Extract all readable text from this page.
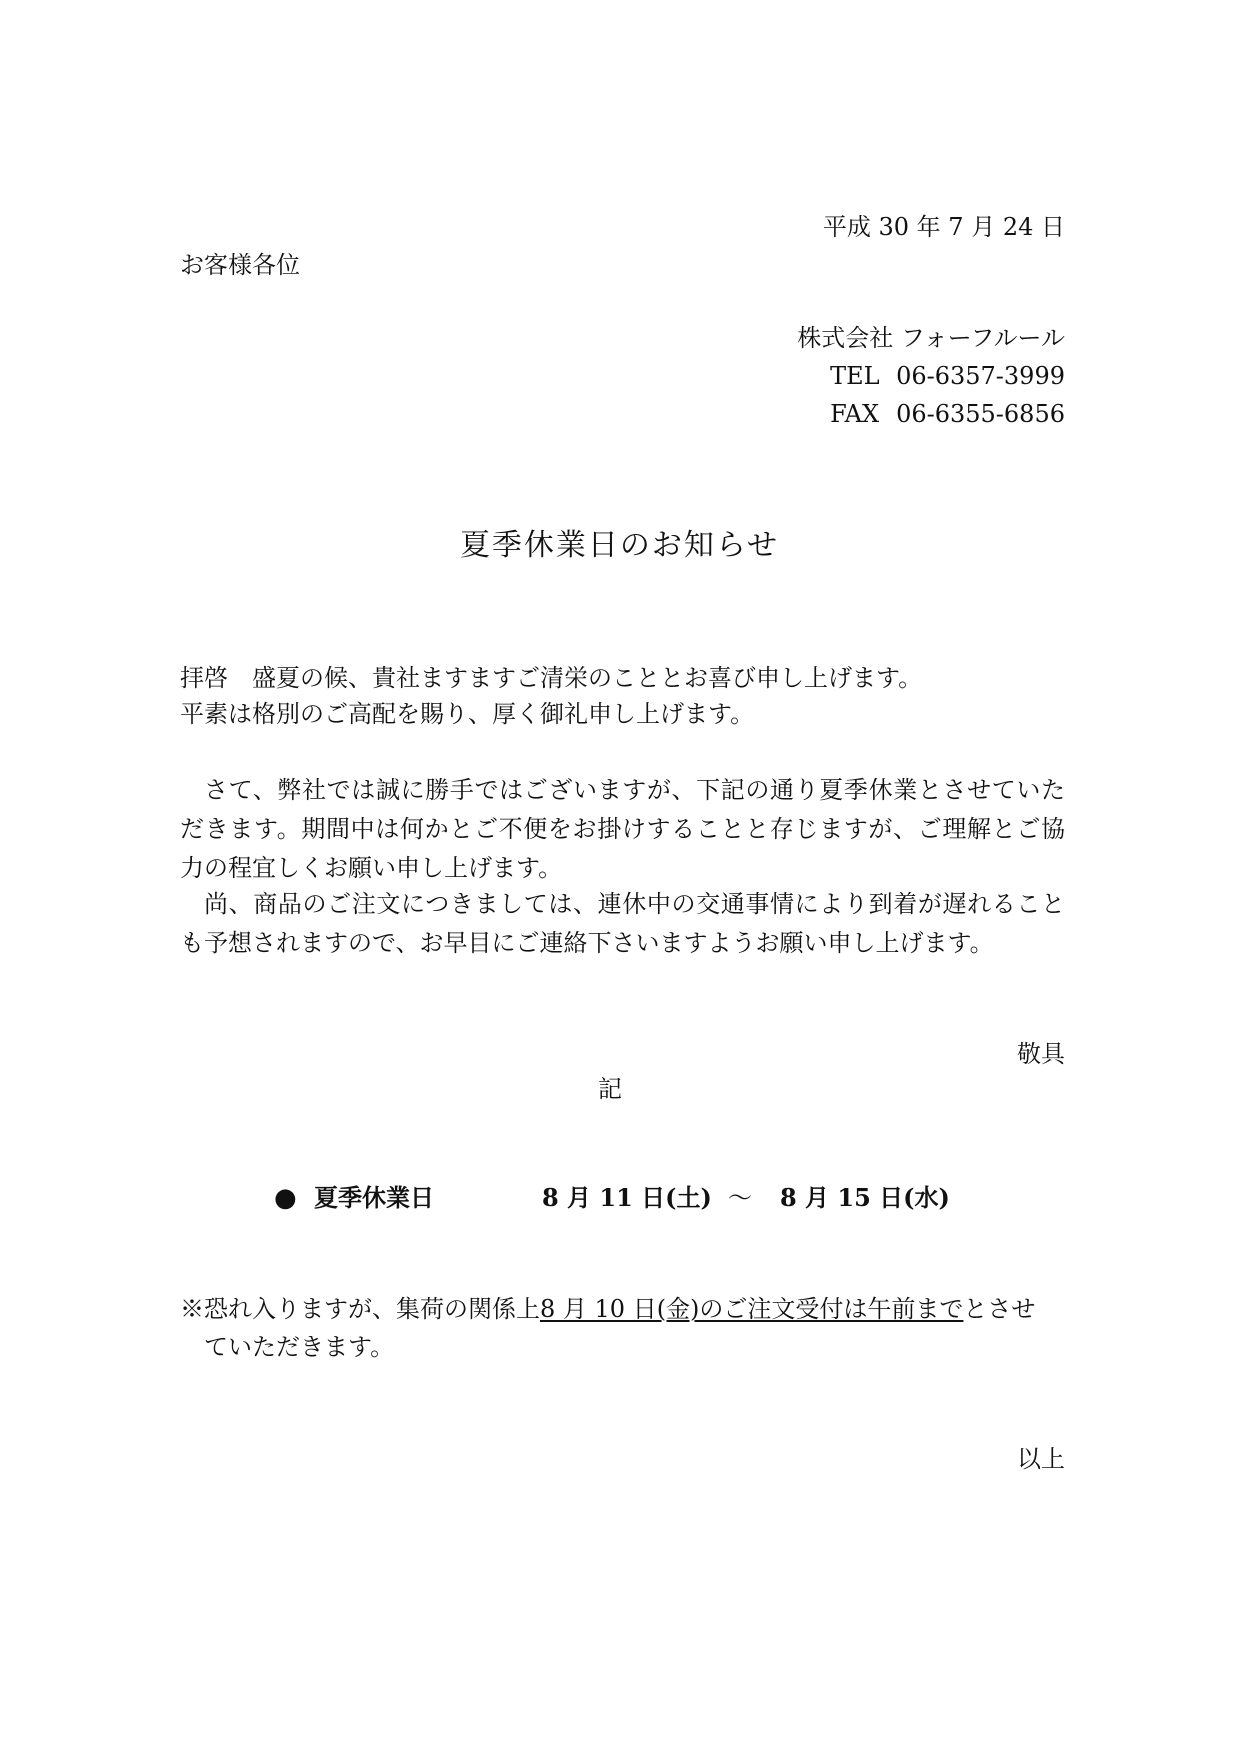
平成 30 年 7 月 24 日
お客様各位
株式会社 フォーフルール
TEL 06-6357-3999
FAX 06-6355-6856
夏季休業日のお知らせ
拝啓　盛夏の候、貴社ますますご清栄のこととお喜び申し上げます。
平素は格別のご高配を賜り、厚く御礼申し上げます。
さて、弊社では誠に勝手ではございますが、下記の通り夏季休業とさせていただきます。期間中は何かとご不便をお掛けすることと存じますが、ご理解とご協力の程宜しくお願い申し上げます。
尚、商品のご注文につきましては、連休中の交通事情により到着が遅れることも予想されますので、お早目にご連絡下さいますようお願い申し上げます。
敬具
記
● 夏季休業日	8 月 11 日(土) ～ 8 月 15 日(水)
※恐れ入りますが、集荷の関係上8 月 10 日(金)のご注文受付は午前までとさせ
ていただきます。
以上
